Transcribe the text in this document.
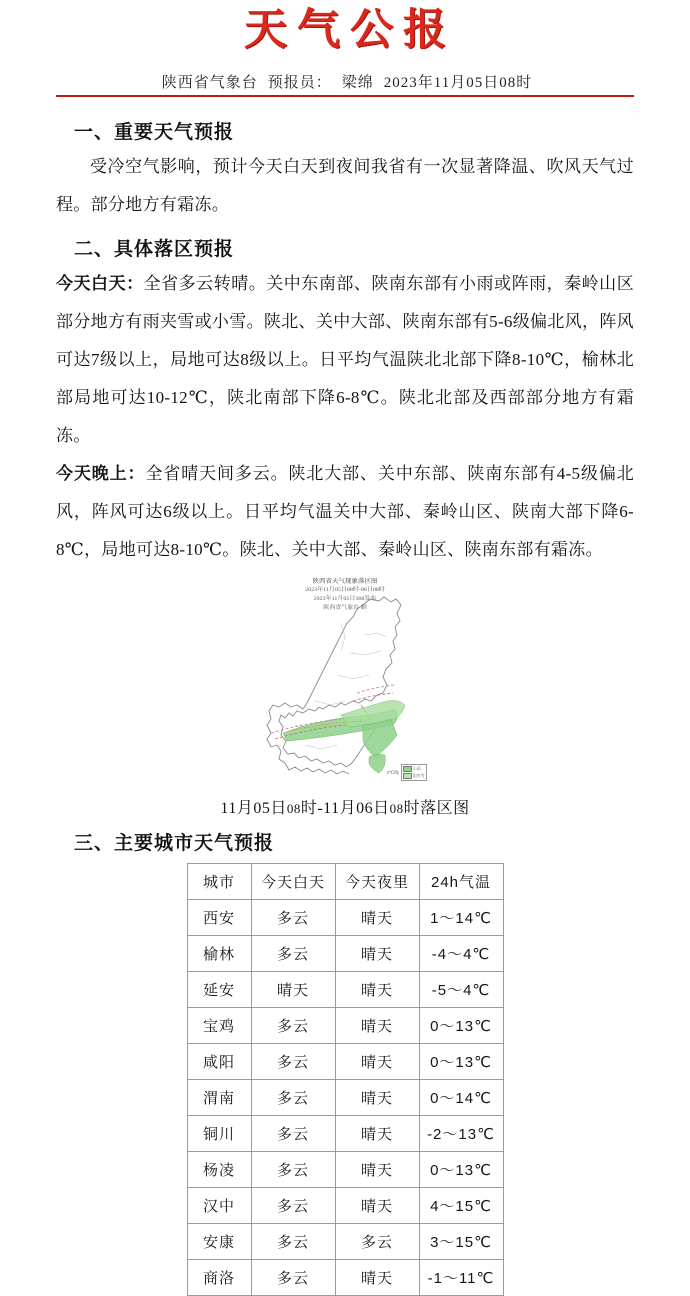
天气公报
陕西省气象台 预报员： 梁绵 2023年11月05日08时
一、重要天气预报

受冷空气影响，预计今天白天到夜间我省有一次显著降温、吹风天气过程。部分地方有霜冻。

二、具体落区预报

今天白天：全省多云转晴。关中东南部、陕南东部有小雨或阵雨，秦岭山区部分地方有雨夹雪或小雪。陕北、关中大部、陕南东部有5-6级偏北风，阵风可达7级以上，局地可达8级以上。日平均气温陕北北部下降8-10℃，榆林北部局地可达10-12℃，陕北南部下降6-8℃。陕北北部及西部部分地方有霜冻。

今天晚上：全省晴天间多云。陕北大部、关中东部、陕南东部有4-5级偏北风，阵风可达6级以上。日平均气温关中大部、秦岭山区、陕南大部下降6-8℃，局地可达8-10℃。陕北、关中大部、秦岭山区、陕南东部有霜冻。

陕西省天气现象落区图
2023年11月05日08时-06日08时
2023年11月05日368发布
陕西省气象台 制
0℃线
小雨
雨夹雪
11月05日08时-11月06日08时落区图
三、主要城市天气预报
城市	今天白天	今天夜里	24h气温
西安	多云	晴天	1～14℃
榆林	多云	晴天	-4～4℃
延安	晴天	晴天	-5～4℃
宝鸡	多云	晴天	0～13℃
咸阳	多云	晴天	0～13℃
渭南	多云	晴天	0～14℃
铜川	多云	晴天	-2～13℃
杨凌	多云	晴天	0～13℃
汉中	多云	晴天	4～15℃
安康	多云	多云	3～15℃
商洛	多云	晴天	-1～11℃
